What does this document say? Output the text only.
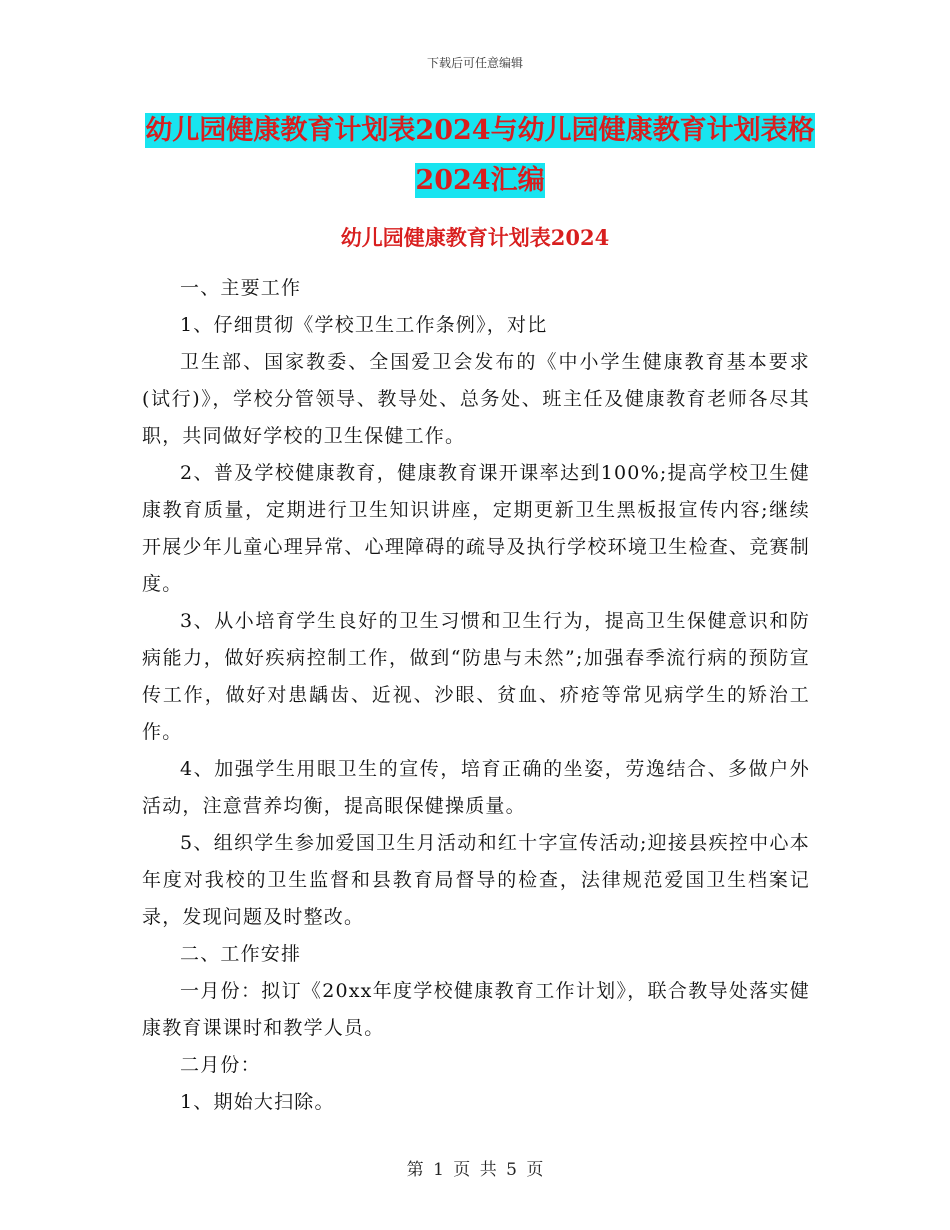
下载后可任意编辑
幼儿园健康教育计划表2024与幼儿园健康教育计划表格2024汇编
幼儿园健康教育计划表2024

一、主要工作

1、仔细贯彻《学校卫生工作条例》，对比

卫生部、国家教委、全国爱卫会发布的《中小学生健康教育基本要求(试行)》，学校分管领导、教导处、总务处、班主任及健康教育老师各尽其职，共同做好学校的卫生保健工作。

2、普及学校健康教育，健康教育课开课率达到100%;提高学校卫生健康教育质量，定期进行卫生知识讲座，定期更新卫生黑板报宣传内容;继续开展少年儿童心理异常、心理障碍的疏导及执行学校环境卫生检查、竞赛制度。

3、从小培育学生良好的卫生习惯和卫生行为，提高卫生保健意识和防病能力，做好疾病控制工作，做到“防患与未然”;加强春季流行病的预防宣传工作，做好对患龋齿、近视、沙眼、贫血、疥疮等常见病学生的矫治工作。

4、加强学生用眼卫生的宣传，培育正确的坐姿，劳逸结合、多做户外活动，注意营养均衡，提高眼保健操质量。

5、组织学生参加爱国卫生月活动和红十字宣传活动;迎接县疾控中心本年度对我校的卫生监督和县教育局督导的检查，法律规范爱国卫生档案记录，发现问题及时整改。

二、工作安排

一月份：拟订《20xx年度学校健康教育工作计划》，联合教导处落实健康教育课课时和教学人员。

二月份：

1、期始大扫除。

第 1 页 共 5 页
